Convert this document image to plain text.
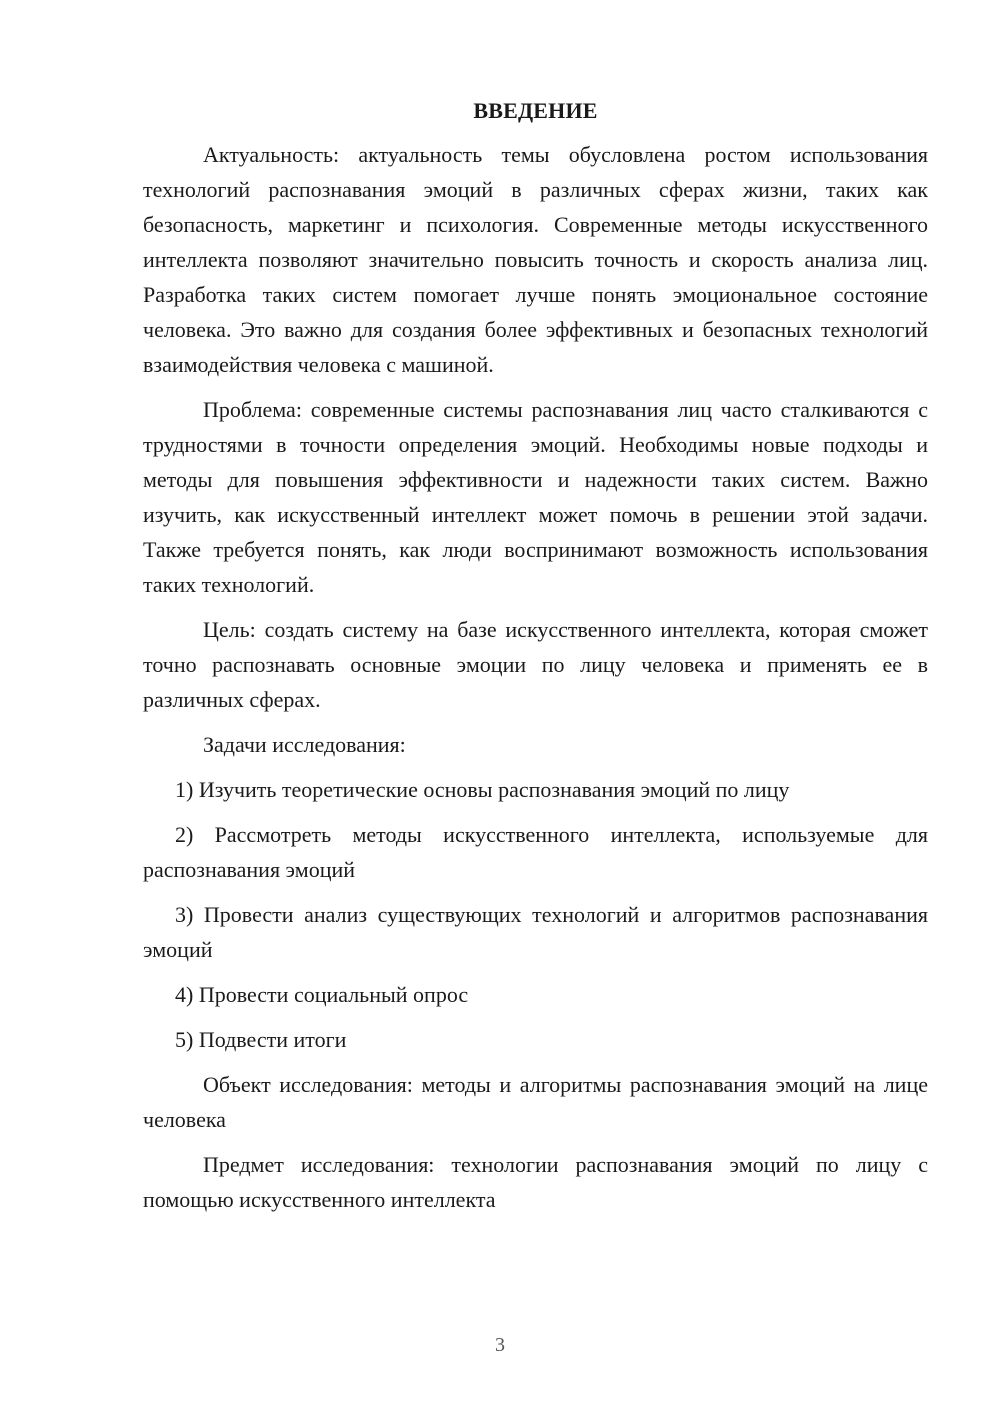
ВВЕДЕНИЕ

Актуальность: актуальность темы обусловлена ростом использования технологий распознавания эмоций в различных сферах жизни, таких как безопасность, маркетинг и психология. Современные методы искусственного интеллекта позволяют значительно повысить точность и скорость анализа лиц. Разработка таких систем помогает лучше понять эмоциональное состояние человека. Это важно для создания более эффективных и безопасных технологий взаимодействия человека с машиной.

Проблема: современные системы распознавания лиц часто сталкиваются с трудностями в точности определения эмоций. Необходимы новые подходы и методы для повышения эффективности и надежности таких систем. Важно изучить, как искусственный интеллект может помочь в решении этой задачи. Также требуется понять, как люди воспринимают возможность использования таких технологий.

Цель: создать систему на базе искусственного интеллекта, которая сможет точно распознавать основные эмоции по лицу человека и применять ее в различных сферах.

Задачи исследования:

1) Изучить теоретические основы распознавания эмоций по лицу

2) Рассмотреть методы искусственного интеллекта, используемые для распознавания эмоций

3) Провести анализ существующих технологий и алгоритмов распознавания эмоций

4) Провести социальный опрос

5) Подвести итоги

Объект исследования: методы и алгоритмы распознавания эмоций на лице человека

Предмет исследования: технологии распознавания эмоций по лицу с помощью искусственного интеллекта

3
